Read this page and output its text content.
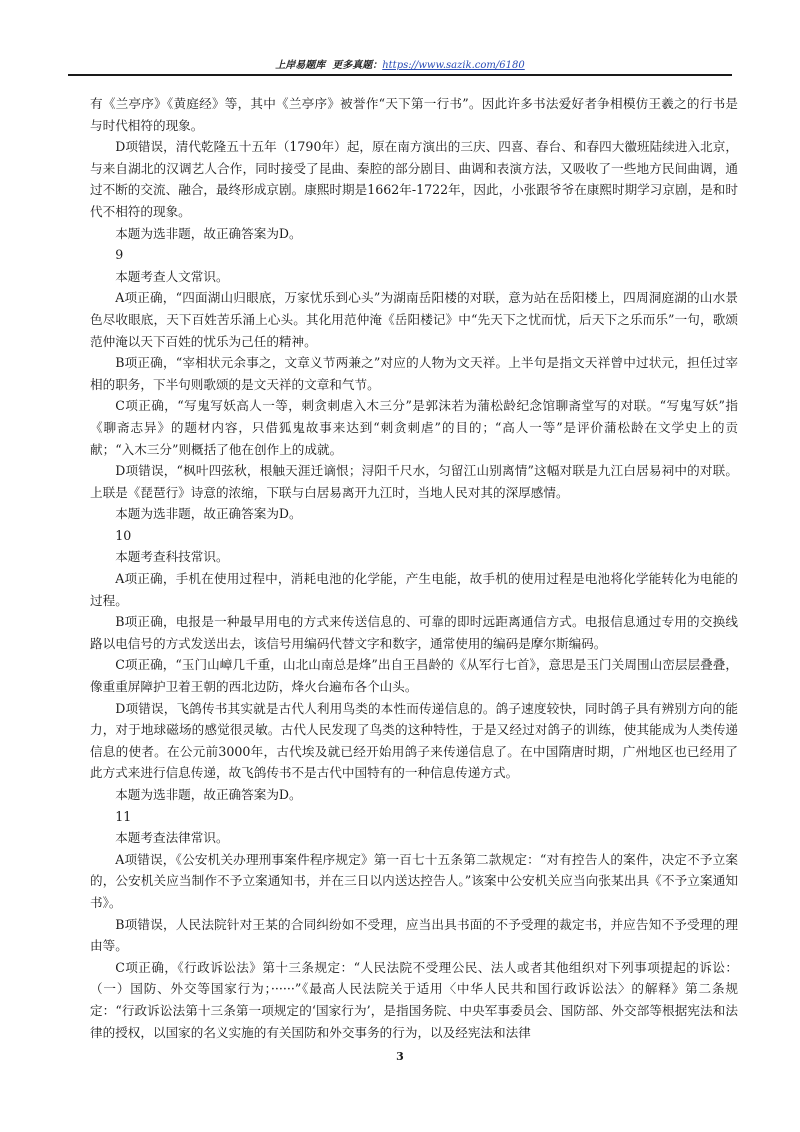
上岸易题库 更多真题：https://www.sazik.com/6180

有《兰亭序》《黄庭经》等，其中《兰亭序》被誉作“天下第一行书”。因此许多书法爱好者争相模仿王羲之的行书是与时代相符的现象。

D项错误，清代乾隆五十五年（1790年）起，原在南方演出的三庆、四喜、春台、和春四大徽班陆续进入北京，与来自湖北的汉调艺人合作，同时接受了昆曲、秦腔的部分剧目、曲调和表演方法，又吸收了一些地方民间曲调，通过不断的交流、融合，最终形成京剧。康熙时期是1662年-1722年，因此，小张跟爷爷在康熙时期学习京剧，是和时代不相符的现象。

本题为选非题，故正确答案为D。

9

本题考查人文常识。

A项正确，“四面湖山归眼底，万家忧乐到心头”为湖南岳阳楼的对联，意为站在岳阳楼上，四周洞庭湖的山水景色尽收眼底，天下百姓苦乐涌上心头。其化用范仲淹《岳阳楼记》中“先天下之忧而忧，后天下之乐而乐”一句，歌颂范仲淹以天下百姓的忧乐为己任的精神。

B项正确，“宰相状元余事之，文章义节两兼之”对应的人物为文天祥。上半句是指文天祥曾中过状元，担任过宰相的职务，下半句则歌颂的是文天祥的文章和气节。

C项正确，“写鬼写妖高人一等，刺贪刺虐入木三分”是郭沫若为蒲松龄纪念馆聊斋堂写的对联。“写鬼写妖”指《聊斋志异》的题材内容，只借狐鬼故事来达到“刺贪刺虐”的目的；“高人一等”是评价蒲松龄在文学史上的贡献；“入木三分”则概括了他在创作上的成就。

D项错误，“枫叶四弦秋，根触天涯迁谪恨；浔阳千尺水，匀留江山别离情”这幅对联是九江白居易祠中的对联。上联是《琵琶行》诗意的浓缩，下联与白居易离开九江时，当地人民对其的深厚感情。

本题为选非题，故正确答案为D。

10

本题考查科技常识。

A项正确，手机在使用过程中，消耗电池的化学能，产生电能，故手机的使用过程是电池将化学能转化为电能的过程。

B项正确，电报是一种最早用电的方式来传送信息的、可靠的即时远距离通信方式。电报信息通过专用的交换线路以电信号的方式发送出去，该信号用编码代替文字和数字，通常使用的编码是摩尔斯编码。

C项正确，“玉门山嶂几千重，山北山南总是烽”出自王昌龄的《从军行七首》，意思是玉门关周围山峦层层叠叠，像重重屏障护卫着王朝的西北边防，烽火台遍布各个山头。

D项错误，飞鸽传书其实就是古代人利用鸟类的本性而传递信息的。鸽子速度较快，同时鸽子具有辨别方向的能力，对于地球磁场的感觉很灵敏。古代人民发现了鸟类的这种特性，于是又经过对鸽子的训练，使其能成为人类传递信息的使者。在公元前3000年，古代埃及就已经开始用鸽子来传递信息了。在中国隋唐时期，广州地区也已经用了此方式来进行信息传递，故飞鸽传书不是古代中国特有的一种信息传递方式。

本题为选非题，故正确答案为D。

11

本题考查法律常识。

A项错误，《公安机关办理刑事案件程序规定》第一百七十五条第二款规定：“对有控告人的案件，决定不予立案的，公安机关应当制作不予立案通知书，并在三日以内送达控告人。”该案中公安机关应当向张某出具《不予立案通知书》。

B项错误，人民法院针对王某的合同纠纷如不受理，应当出具书面的不予受理的裁定书，并应告知不予受理的理由等。

C项正确，《行政诉讼法》第十三条规定：“人民法院不受理公民、法人或者其他组织对下列事项提起的诉讼：（一）国防、外交等国家行为；······”《最高人民法院关于适用〈中华人民共和国行政诉讼法〉的解释》第二条规定：“行政诉讼法第十三条第一项规定的‘国家行为’，是指国务院、中央军事委员会、国防部、外交部等根据宪法和法律的授权，以国家的名义实施的有关国防和外交事务的行为，以及经宪法和法律

3
